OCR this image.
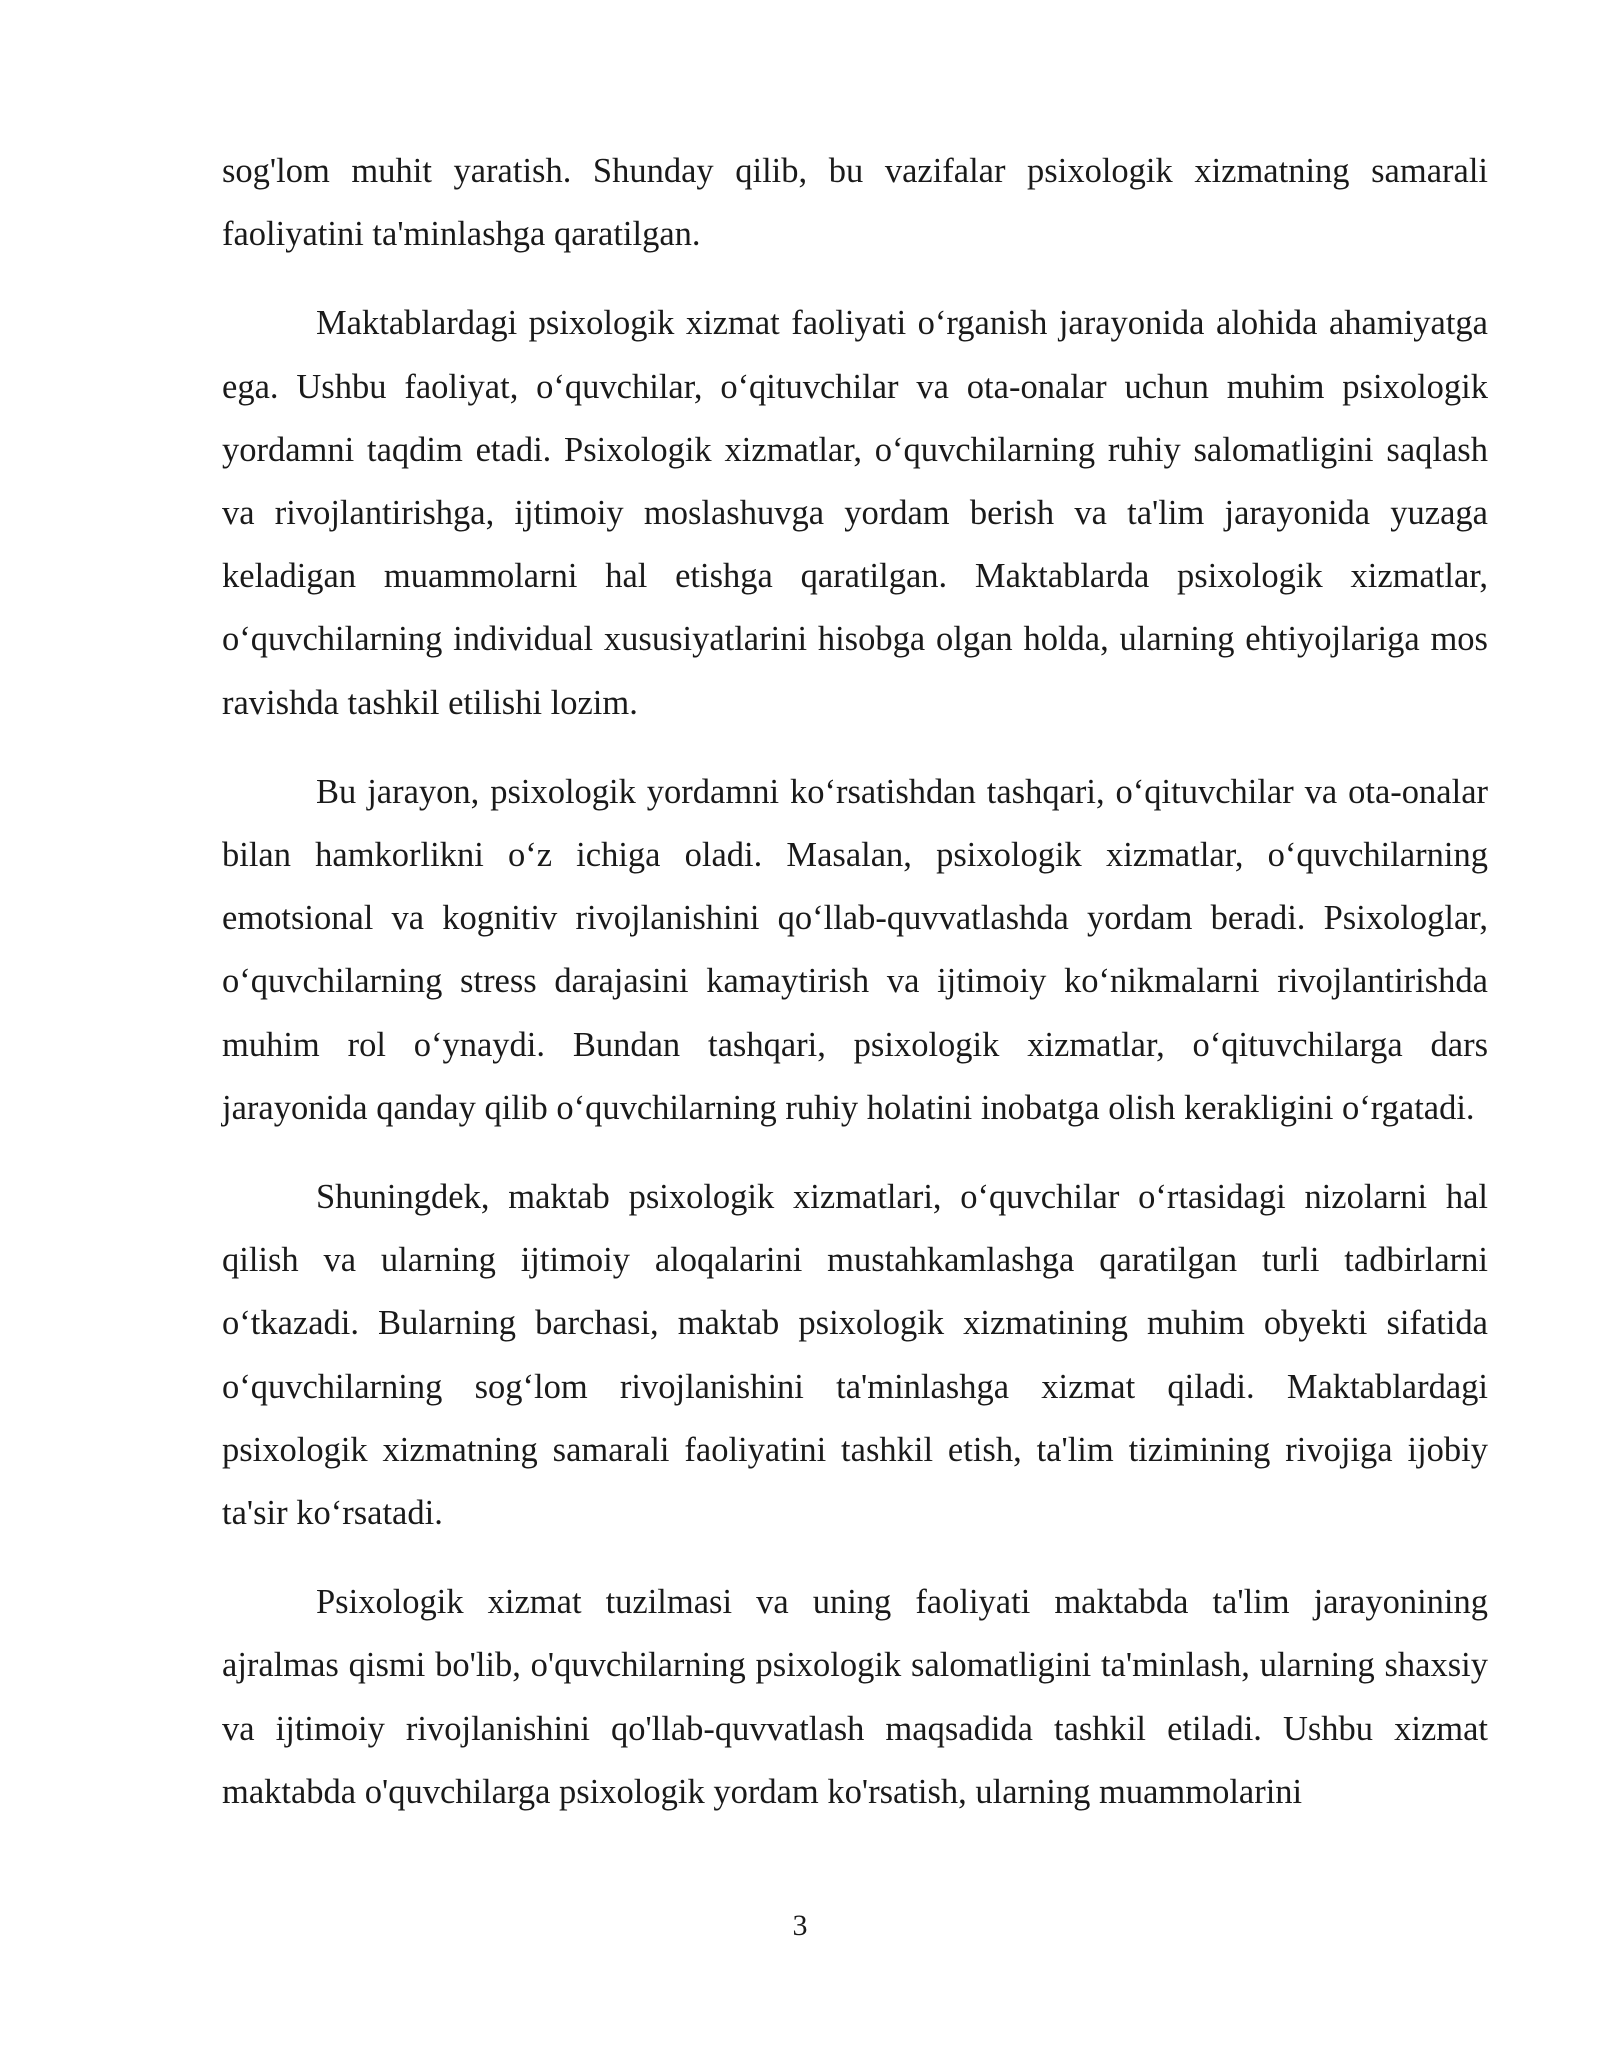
sog'lom muhit yaratish. Shunday qilib, bu vazifalar psixologik xizmatning samarali faoliyatini ta'minlashga qaratilgan.

Maktablardagi psixologik xizmat faoliyati o‘rganish jarayonida alohida ahamiyatga ega. Ushbu faoliyat, o‘quvchilar, o‘qituvchilar va ota-onalar uchun muhim psixologik yordamni taqdim etadi. Psixologik xizmatlar, o‘quvchilarning ruhiy salomatligini saqlash va rivojlantirishga, ijtimoiy moslashuvga yordam berish va ta'lim jarayonida yuzaga keladigan muammolarni hal etishga qaratilgan. Maktablarda psixologik xizmatlar, o‘quvchilarning individual xususiyatlarini hisobga olgan holda, ularning ehtiyojlariga mos ravishda tashkil etilishi lozim.

Bu jarayon, psixologik yordamni ko‘rsatishdan tashqari, o‘qituvchilar va ota-onalar bilan hamkorlikni o‘z ichiga oladi. Masalan, psixologik xizmatlar, o‘quvchilarning emotsional va kognitiv rivojlanishini qo‘llab-quvvatlashda yordam beradi. Psixologlar, o‘quvchilarning stress darajasini kamaytirish va ijtimoiy ko‘nikmalarni rivojlantirishda muhim rol o‘ynaydi. Bundan tashqari, psixologik xizmatlar, o‘qituvchilarga dars jarayonida qanday qilib o‘quvchilarning ruhiy holatini inobatga olish kerakligini o‘rgatadi.

Shuningdek, maktab psixologik xizmatlari, o‘quvchilar o‘rtasidagi nizolarni hal qilish va ularning ijtimoiy aloqalarini mustahkamlashga qaratilgan turli tadbirlarni o‘tkazadi. Bularning barchasi, maktab psixologik xizmatining muhim obyekti sifatida o‘quvchilarning sog‘lom rivojlanishini ta'minlashga xizmat qiladi. Maktablardagi psixologik xizmatning samarali faoliyatini tashkil etish, ta'lim tizimining rivojiga ijobiy ta'sir ko‘rsatadi.

Psixologik xizmat tuzilmasi va uning faoliyati maktabda ta'lim jarayonining ajralmas qismi bo'lib, o'quvchilarning psixologik salomatligini ta'minlash, ularning shaxsiy va ijtimoiy rivojlanishini qo'llab-quvvatlash maqsadida tashkil etiladi. Ushbu xizmat maktabda o'quvchilarga psixologik yordam ko'rsatish, ularning muammolarini

3
